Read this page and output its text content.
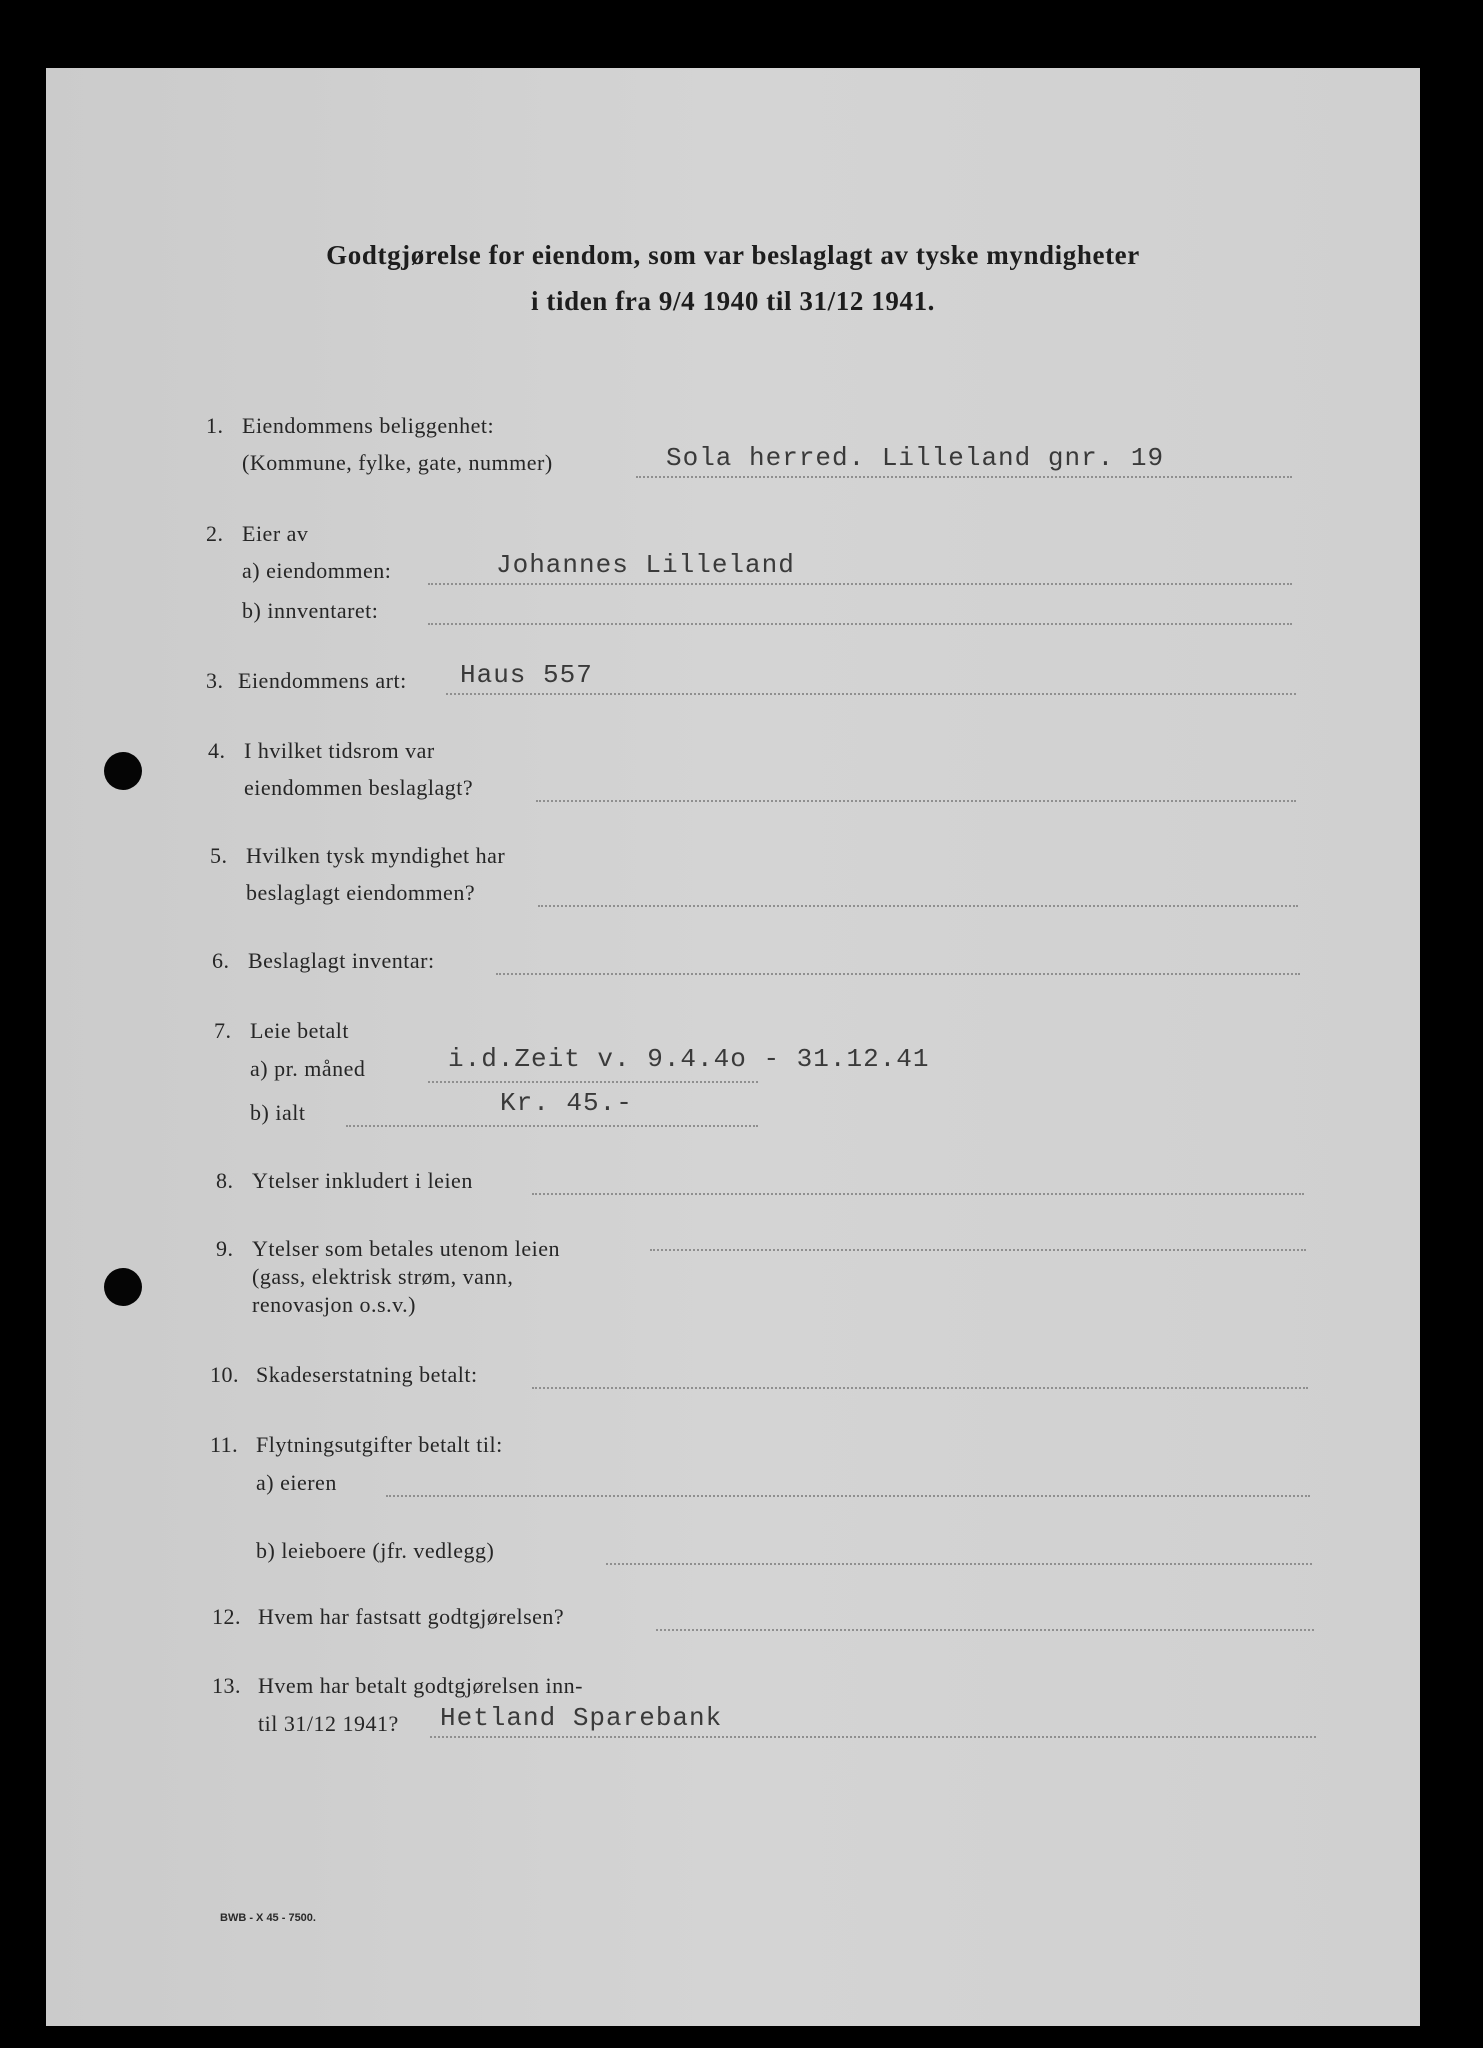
Godtgjørelse for eiendom, som var beslaglagt av tyske myndigheter
i tiden fra 9/4 1940 til 31/12 1941.
1. Eiendommens beliggenhet:
(Kommune, fylke, gate, nummer)	Sola herred. Lilleland gnr. 19
2. Eier av
a) eiendommen:	Johannes Lilleland
b) innventaret:
3. Eiendommens art: Haus 557
4. I hvilket tidsrom var
eiendommen beslaglagt?
5. Hvilken tysk myndighet har
beslaglagt eiendommen?
6. Beslaglagt inventar:
7. Leie betalt
a) pr. måned	i.d.Zeit v. 9.4.4o - 31.12.41
b) ialt	Kr. 45.-
8. Ytelser inkludert i leien
9. Ytelser som betales utenom leien
(gass, elektrisk strøm, vann,
renovasjon o.s.v.)
10. Skadeserstatning betalt:
11. Flytningsutgifter betalt til:
a) eieren
b) leieboere (jfr. vedlegg)
12. Hvem har fastsatt godtgjørelsen?
13. Hvem har betalt godtgjørelsen inn-
til 31/12 1941? Hetland Sparebank
BWB - X 45 - 7500.
